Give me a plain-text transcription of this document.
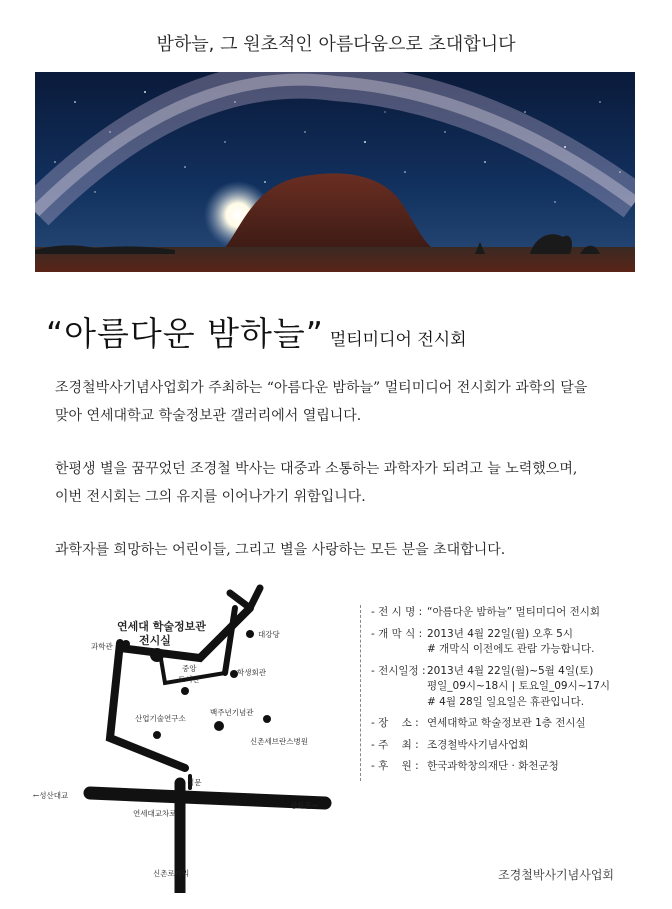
밤하늘, 그 원초적인 아름다움으로 초대합니다
“아름다운 밤하늘” 멀티미디어 전시회
조경철박사기념사업회가 주최하는 “아름다운 밤하늘” 멀티미디어 전시회가 과학의 달을
맞아 연세대학교 학술정보관 갤러리에서 열립니다.
한평생 별을 꿈꾸었던 조경철 박사는 대중과 소통하는 과학자가 되려고 늘 노력했으며,
이번 전시회는 그의 유지를 이어나가기 위함입니다.
과학자를 희망하는 어린이들, 그리고 별을 사랑하는 모든 분을 초대합니다.
연세대 학술정보관
전시실
과학관
대강당
중앙
도서관
학생회관
산업기술연구소
백주년기념관
신촌세브란스병원
정문
←성산대교
광화문→
연세대교차로
신촌로터리
- 전 시 명 : “아름다운 밤하늘” 멀티미디어 전시회
- 개 막 식 : 2013년 4월 22일(월) 오후 5시
# 개막식 이전에도 관람 가능합니다.
- 전시일정 : 2013년 4월 22일(월)~5월 4일(토)
평일_09시~18시 | 토요일_09시~17시
# 4월 28일 일요일은 휴관입니다.
- 장    소 : 연세대학교 학술정보관 1층 전시실
- 주    최 : 조경철박사기념사업회
- 후    원 : 한국과학창의재단 · 화천군청
조경철박사기념사업회
